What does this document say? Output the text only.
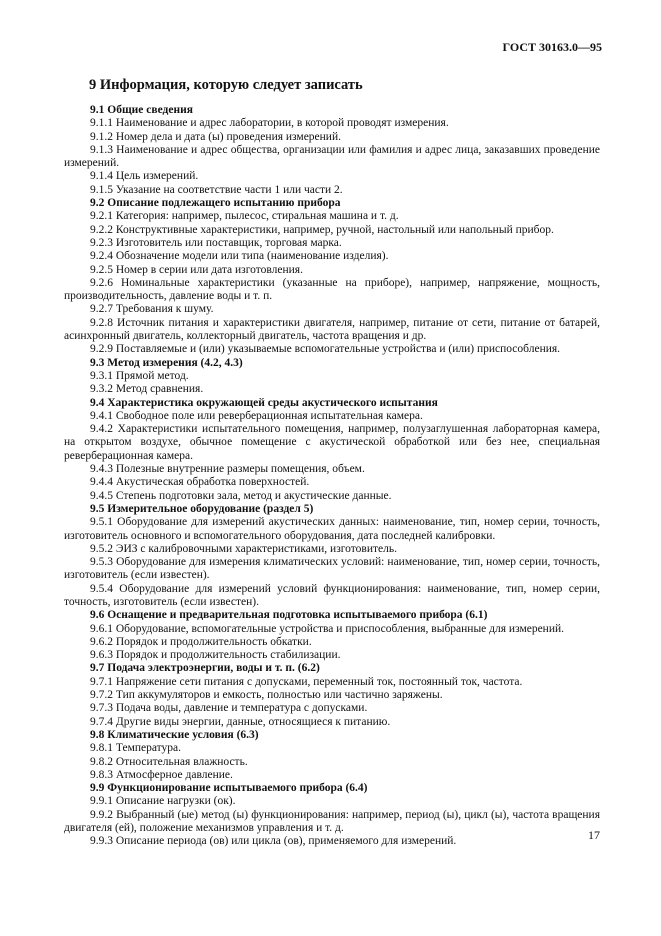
ГОСТ 30163.0—95
9 Информация, которую следует записать
9.1 Общие сведения
9.1.1 Наименование и адрес лаборатории, в которой проводят измерения.
9.1.2 Номер дела и дата (ы) проведения измерений.
9.1.3 Наименование и адрес общества, организации или фамилия и адрес лица, заказавших проведение измерений.
9.1.4 Цель измерений.
9.1.5 Указание на соответствие части 1 или части 2.
9.2 Описание подлежащего испытанию прибора
9.2.1 Категория: например, пылесос, стиральная машина и т. д.
9.2.2 Конструктивные характеристики, например, ручной, настольный или напольный прибор.
9.2.3 Изготовитель или поставщик, торговая марка.
9.2.4 Обозначение модели или типа (наименование изделия).
9.2.5 Номер в серии или дата изготовления.
9.2.6 Номинальные характеристики (указанные на приборе), например, напряжение, мощность, производительность, давление воды и т. п.
9.2.7 Требования к шуму.
9.2.8 Источник питания и характеристики двигателя, например, питание от сети, питание от батарей, асинхронный двигатель, коллекторный двигатель, частота вращения и др.
9.2.9 Поставляемые и (или) указываемые вспомогательные устройства и (или) приспособления.
9.3 Метод измерения (4.2, 4.3)
9.3.1 Прямой метод.
9.3.2 Метод сравнения.
9.4 Характеристика окружающей среды акустического испытания
9.4.1 Свободное поле или реверберационная испытательная камера.
9.4.2 Характеристики испытательного помещения, например, полузаглушенная лабораторная камера, на открытом воздухе, обычное помещение с акустической обработкой или без нее, специальная реверберационная камера.
9.4.3 Полезные внутренние размеры помещения, объем.
9.4.4 Акустическая обработка поверхностей.
9.4.5 Степень подготовки зала, метод и акустические данные.
9.5 Измерительное оборудование (раздел 5)
9.5.1 Оборудование для измерений акустических данных: наименование, тип, номер серии, точность, изготовитель основного и вспомогательного оборудования, дата последней калибровки.
9.5.2 ЭИЗ с калибровочными характеристиками, изготовитель.
9.5.3 Оборудование для измерения климатических условий: наименование, тип, номер серии, точность, изготовитель (если известен).
9.5.4 Оборудование для измерений условий функционирования: наименование, тип, номер серии, точность, изготовитель (если известен).
9.6 Оснащение и предварительная подготовка испытываемого прибора (6.1)
9.6.1 Оборудование, вспомогательные устройства и приспособления, выбранные для измерений.
9.6.2 Порядок и продолжительность обкатки.
9.6.3 Порядок и продолжительность стабилизации.
9.7 Подача электроэнергии, воды и т. п. (6.2)
9.7.1 Напряжение сети питания с допусками, переменный ток, постоянный ток, частота.
9.7.2 Тип аккумуляторов и емкость, полностью или частично заряжены.
9.7.3 Подача воды, давление и температура с допусками.
9.7.4 Другие виды энергии, данные, относящиеся к питанию.
9.8 Климатические условия (6.3)
9.8.1 Температура.
9.8.2 Относительная влажность.
9.8.3 Атмосферное давление.
9.9 Функционирование испытываемого прибора (6.4)
9.9.1 Описание нагрузки (ок).
9.9.2 Выбранный (ые) метод (ы) функционирования: например, период (ы), цикл (ы), частота вращения двигателя (ей), положение механизмов управления и т. д.
9.9.3 Описание периода (ов) или цикла (ов), применяемого для измерений.	17
